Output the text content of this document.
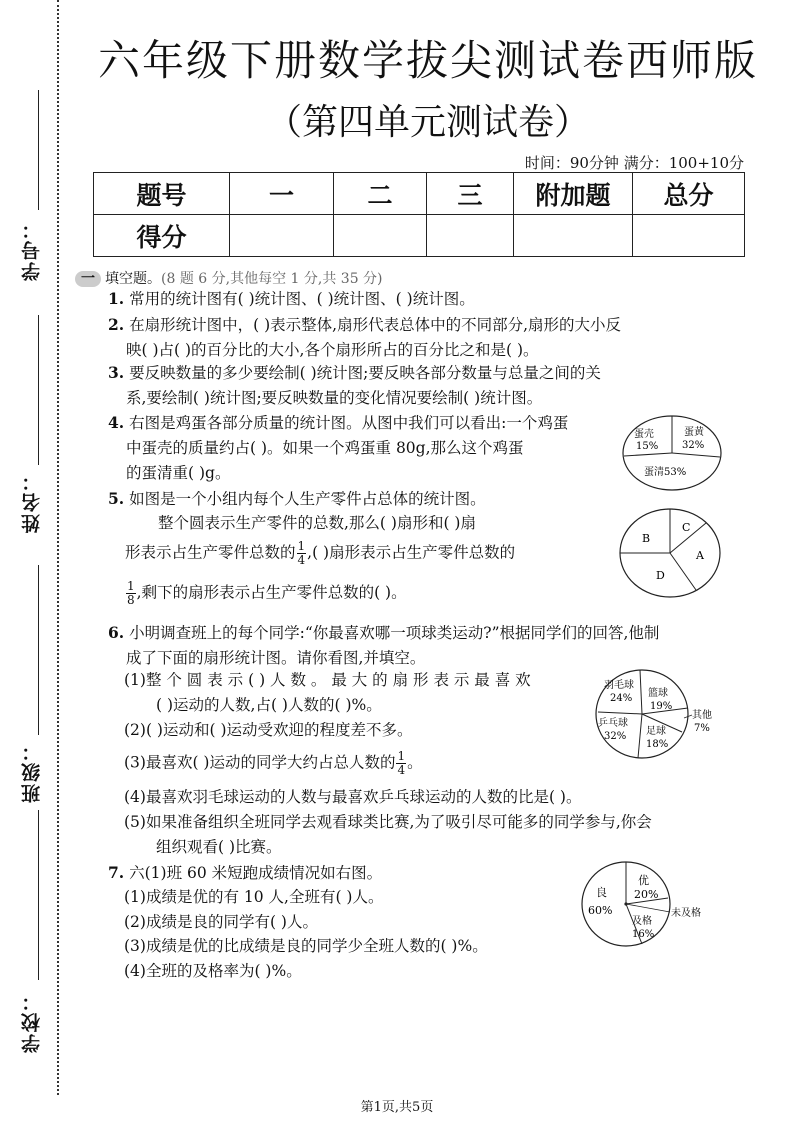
学号：
姓名：
班级：
学校：
六年级下册数学拔尖测试卷西师版
（第四单元测试卷）
时间：90分钟 满分：100+10分
题号	一	二	三	附加题	总分
得分					
一 填空题。(8 题 6 分,其他每空 1 分,共 35 分)
1. 常用的统计图有( )统计图、( )统计图、( )统计图。
2. 在扇形统计图中，( )表示整体,扇形代表总体中的不同部分,扇形的大小反
映( )占( )的百分比的大小,各个扇形所占的百分比之和是( )。
3. 要反映数量的多少要绘制( )统计图;要反映各部分数量与总量之间的关
系,要绘制( )统计图;要反映数量的变化情况要绘制( )统计图。
4. 右图是鸡蛋各部分质量的统计图。从图中我们可以看出:一个鸡蛋
中蛋壳的质量约占( )。如果一个鸡蛋重 80g,那么这个鸡蛋
的蛋清重( )g。
蛋壳
15%
蛋黄
32%
蛋清53%
5. 如图是一个小组内每个人生产零件占总体的统计图。
整个圆表示生产零件的总数,那么( )扇形和( )扇
形表示占生产零件总数的 $\frac{1}{4}$ ,( )扇形表示占生产零件总数的
$\frac{1}{8}$ ,剩下的扇形表示占生产零件总数的( )。
B
C
A
D
6. 小明调查班上的每个同学:“你最喜欢哪一项球类运动?”根据同学们的回答,他制
成了下面的扇形统计图。请你看图,并填空。
(1)整 个 圆 表 示 ( ) 人 数 。 最 大 的 扇 形 表 示 最 喜 欢
( )运动的人数,占( )人数的( )%。
(2)( )运动和( )运动受欢迎的程度差不多。
(3)最喜欢( )运动的同学大约占总人数的 $\frac{1}{4}$ 。
(4)最喜欢羽毛球运动的人数与最喜欢乒乓球运动的人数的比是( )。
(5)如果准备组织全班同学去观看球类比赛,为了吸引尽可能多的同学参与,你会
组织观看( )比赛。
羽毛球
24% 篮球
19%
乒乓球
32% 足球
18%
其他
7%
7. 六(1)班 60 米短跑成绩情况如右图。
(1)成绩是优的有 10 人,全班有( )人。
(2)成绩是良的同学有( )人。
(3)成绩是优的比成绩是良的同学少全班人数的( )%。
(4)全班的及格率为( )%。
良
60%
优
20%
及格
16%
未及格
第1页,共5页
